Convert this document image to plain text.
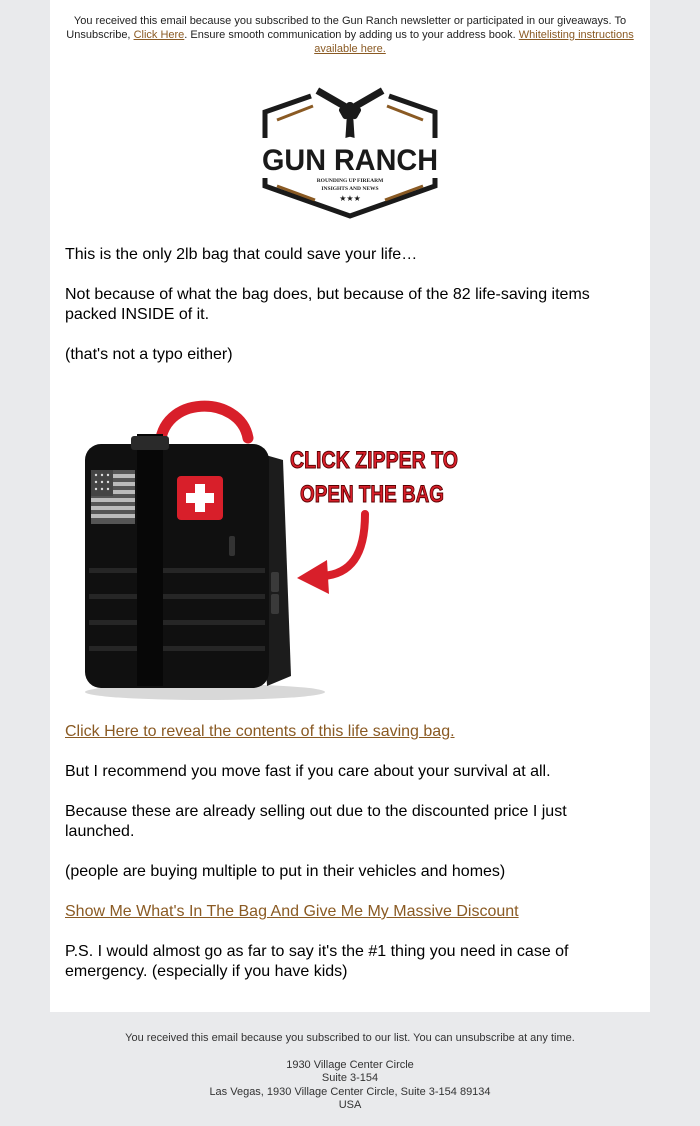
You received this email because you subscribed to the Gun Ranch newsletter or participated in our giveaways. To Unsubscribe, Click Here. Ensure smooth communication by adding us to your address book. Whitelisting instructions available here.
GUN RANCH
ROUNDING UP FIREARM
INSIGHTS AND NEWS
★★★

This is the only 2lb bag that could save your life…

Not because of what the bag does, but because of the 82 life-saving items packed INSIDE of it.

(that's not a typo either)

CLICK ZIPPER TO
OPEN THE BAG

Click Here to reveal the contents of this life saving bag.

But I recommend you move fast if you care about your survival at all.

Because these are already selling out due to the discounted price I just launched.

(people are buying multiple to put in their vehicles and homes)

Show Me What's In The Bag And Give Me My Massive Discount

P.S. I would almost go as far to say it's the #1 thing you need in case of emergency. (especially if you have kids)

You received this email because you subscribed to our list. You can unsubscribe at any time.
1930 Village Center Circle
Suite 3-154
Las Vegas, 1930 Village Center Circle, Suite 3-154 89134
USA
